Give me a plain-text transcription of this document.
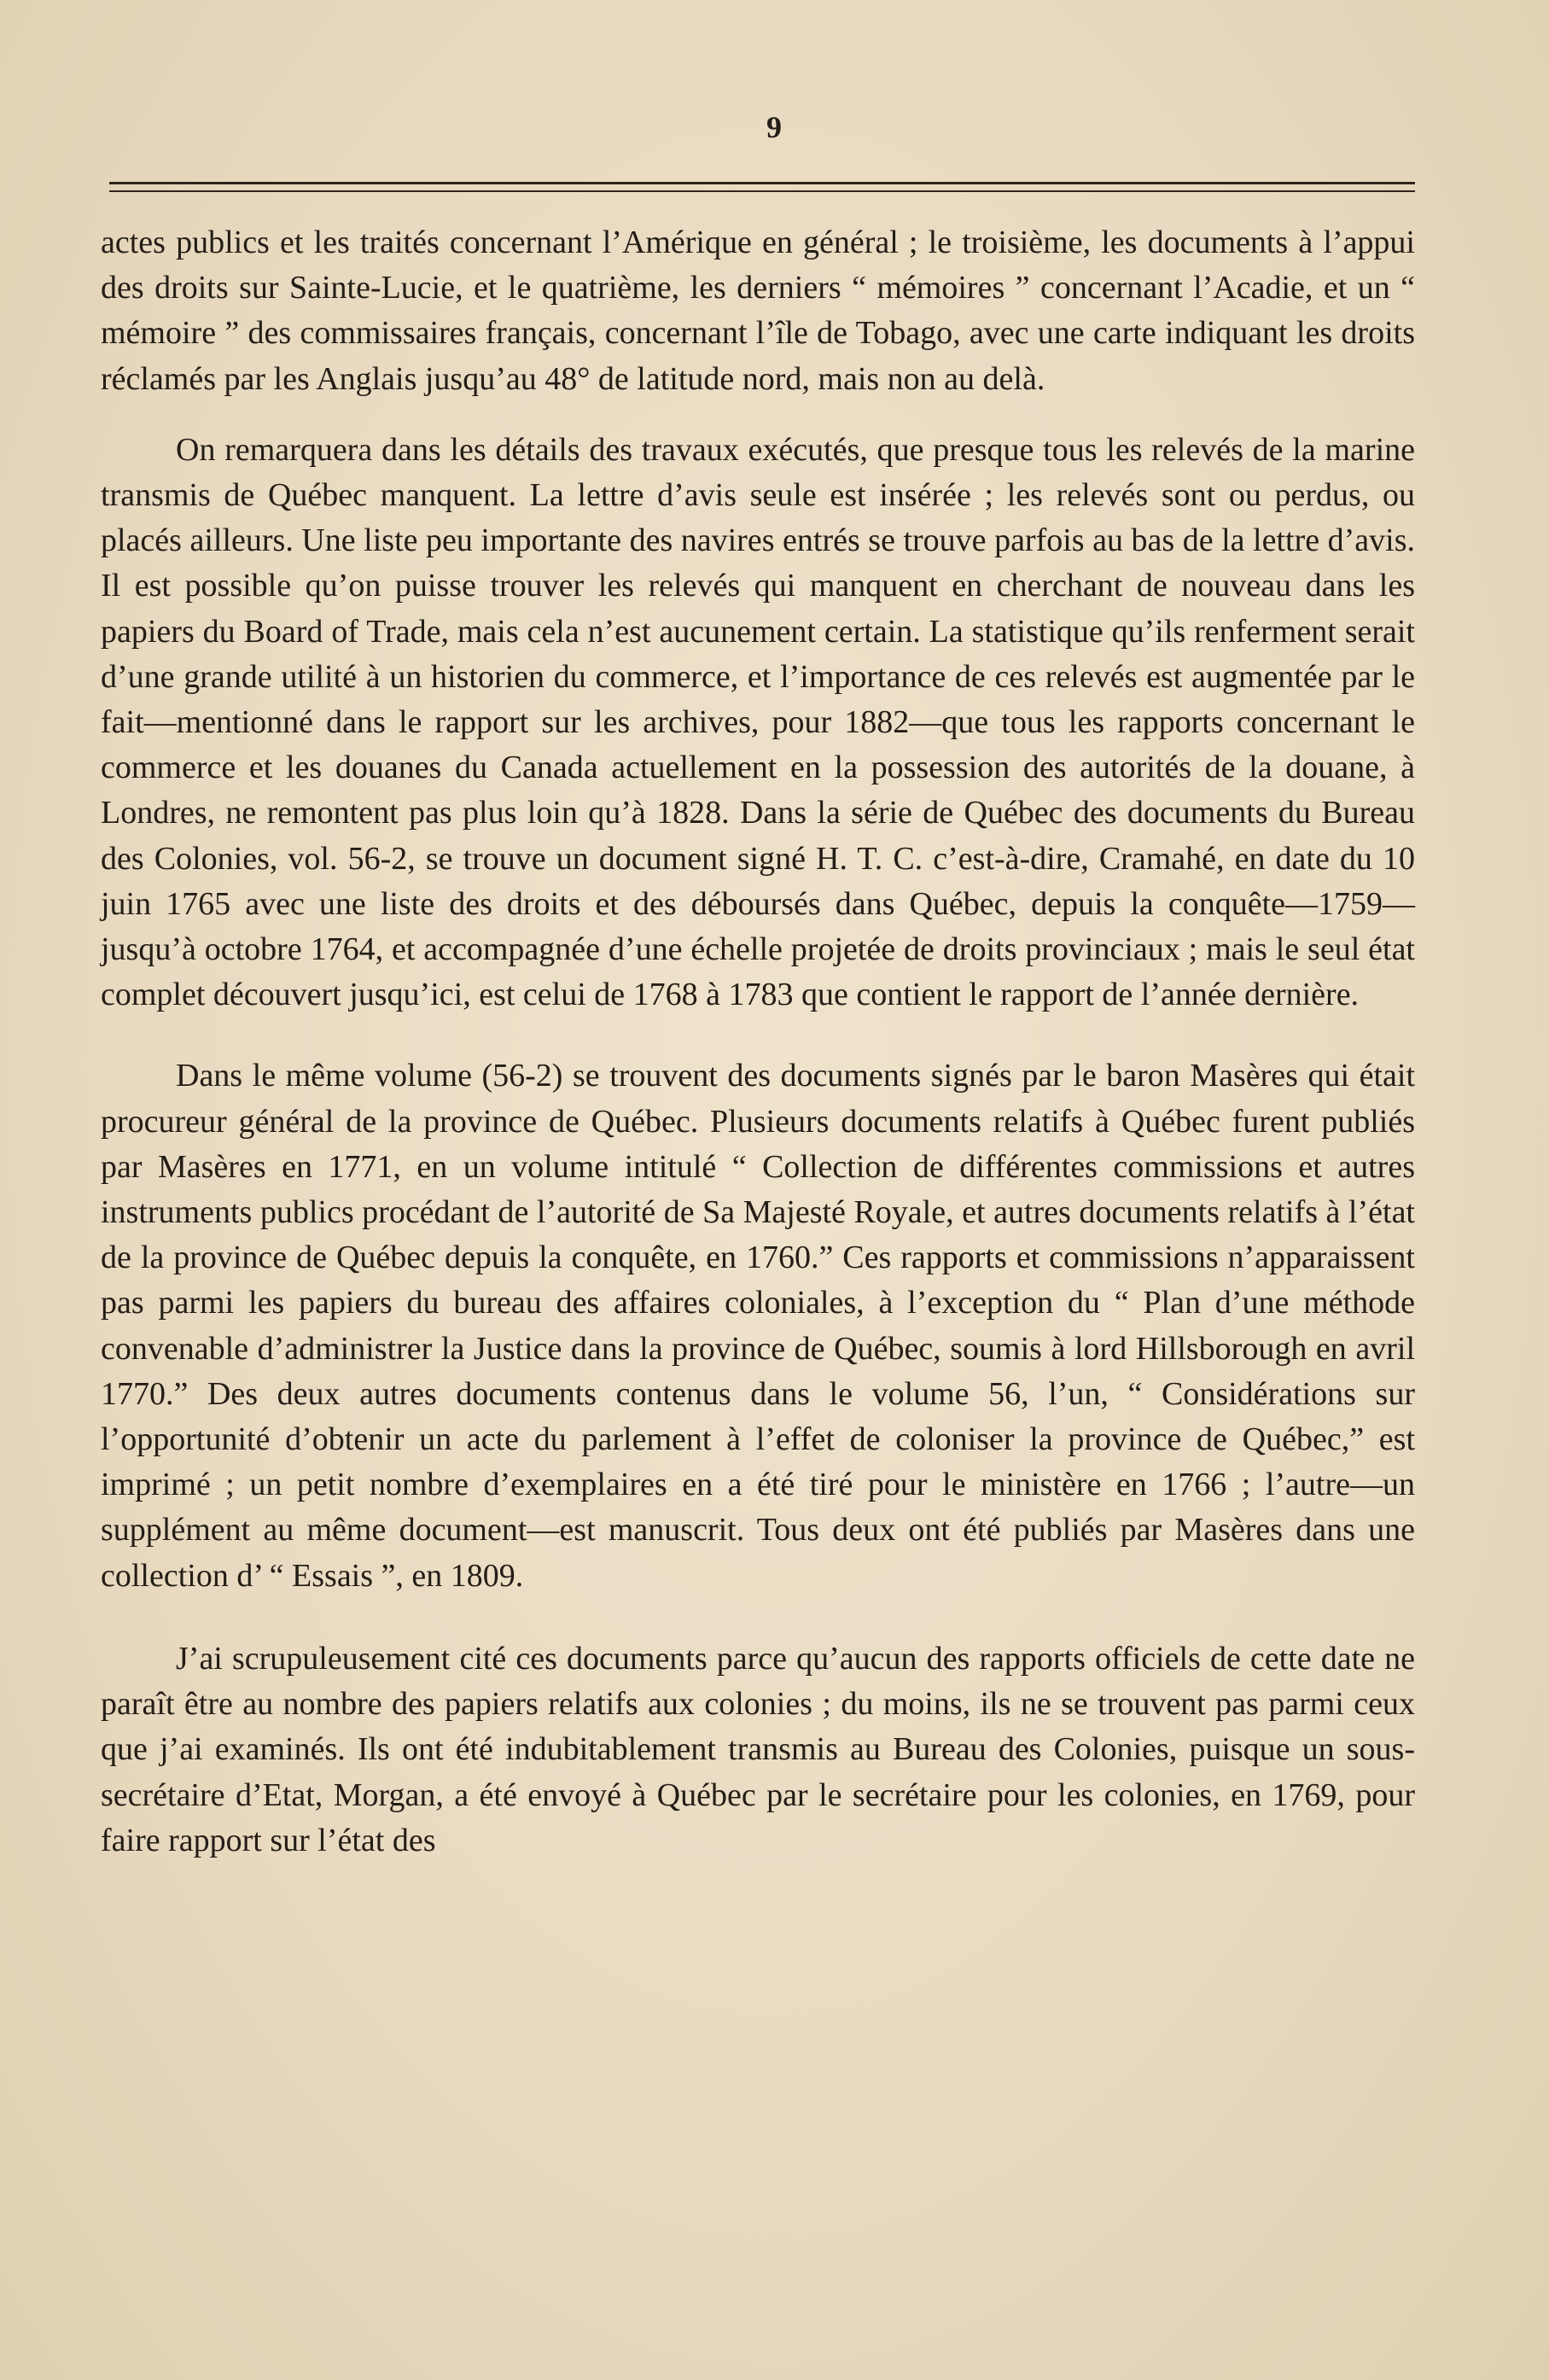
9

actes publics et les traités concernant l’Amérique en général ; le troisième, les documents à l’appui des droits sur Sainte-Lucie, et le quatrième, les derniers “ mémoires ” concernant l’Acadie, et un “ mémoire ” des commissaires français, concernant l’île de Tobago, avec une carte indiquant les droits réclamés par les Anglais jusqu’au 48° de latitude nord, mais non au delà.

On remarquera dans les détails des travaux exécutés, que presque tous les relevés de la marine transmis de Québec manquent. La lettre d’avis seule est insérée ; les relevés sont ou perdus, ou placés ailleurs. Une liste peu importante des navires entrés se trouve parfois au bas de la lettre d’avis. Il est possible qu’on puisse trouver les relevés qui manquent en cherchant de nouveau dans les papiers du Board of Trade, mais cela n’est aucunement certain. La statistique qu’ils renferment serait d’une grande utilité à un historien du commerce, et l’importance de ces relevés est augmentée par le fait—mentionné dans le rapport sur les archives, pour 1882—que tous les rapports concernant le commerce et les douanes du Canada actuellement en la possession des autorités de la douane, à Londres, ne remontent pas plus loin qu’à 1828. Dans la série de Québec des documents du Bureau des Colonies, vol. 56-2, se trouve un document signé H. T. C. c’est-à-dire, Cramahé, en date du 10 juin 1765 avec une liste des droits et des déboursés dans Québec, depuis la conquête—1759—jusqu’à octobre 1764, et accompagnée d’une échelle projetée de droits provinciaux ; mais le seul état complet découvert jusqu’ici, est celui de 1768 à 1783 que contient le rapport de l’année dernière.

Dans le même volume (56-2) se trouvent des documents signés par le baron Masères qui était procureur général de la province de Québec. Plusieurs documents relatifs à Québec furent publiés par Masères en 1771, en un volume intitulé “ Collection de différentes commissions et autres instruments publics procédant de l’autorité de Sa Majesté Royale, et autres documents relatifs à l’état de la province de Québec depuis la conquête, en 1760.” Ces rapports et commissions n’apparaissent pas parmi les papiers du bureau des affaires coloniales, à l’exception du “ Plan d’une méthode convenable d’administrer la Justice dans la province de Québec, soumis à lord Hillsborough en avril 1770.” Des deux autres documents contenus dans le volume 56, l’un, “ Considérations sur l’opportunité d’obtenir un acte du parlement à l’effet de coloniser la province de Québec,” est imprimé ; un petit nombre d’exemplaires en a été tiré pour le ministère en 1766 ; l’autre—un supplément au même document—est manuscrit. Tous deux ont été publiés par Masères dans une collection d’ “ Essais ”, en 1809.

J’ai scrupuleusement cité ces documents parce qu’aucun des rapports officiels de cette date ne paraît être au nombre des papiers relatifs aux colonies ; du moins, ils ne se trouvent pas parmi ceux que j’ai examinés. Ils ont été indubitablement transmis au Bureau des Colonies, puisque un sous-secrétaire d’Etat, Morgan, a été envoyé à Québec par le secrétaire pour les colonies, en 1769, pour faire rapport sur l’état des
